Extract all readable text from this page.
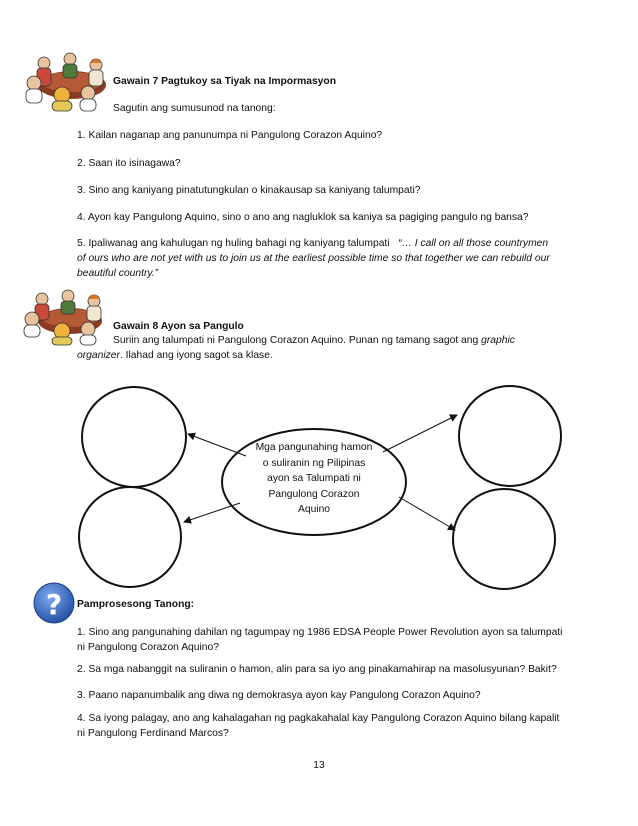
Gawain 7 Pagtukoy sa Tiyak na Impormasyon

Sagutin ang sumusunod na tanong:

1. Kailan naganap ang panunumpa ni Pangulong Corazon Aquino?

2. Saan ito isinagawa?

3. Sino ang kaniyang pinatutungkulan o kinakausap sa kaniyang talumpati?

4. Ayon kay Pangulong Aquino, sino o ano ang nagluklok sa kaniya sa pagiging pangulo ng bansa?

5. Ipaliwanag ang kahulugan ng huling bahagi ng kaniyang talumpati “… I call on all those countrymen
of ours who are not yet with us to join us at the earliest possible time so that together we can rebuild our
beautiful country.”

Gawain 8 Ayon sa Pangulo

Suriin ang talumpati ni Pangulong Corazon Aquino. Punan ng tamang sagot ang graphic
organizer. Ilahad ang iyong sagot sa klase.
Mga pangunahing hamon
o suliranin ng Pilipinas
ayon sa Talumpati ni
Pangulong Corazon
Aquino
? Pamprosesong Tanong:

1. Sino ang pangunahing dahilan ng tagumpay ng 1986 EDSA People Power Revolution ayon sa talumpati
ni Pangulong Corazon Aquino?

2. Sa mga nabanggit na suliranin o hamon, alin para sa iyo ang pinakamahirap na masolusyunan? Bakit?

3. Paano napanumbalik ang diwa ng demokrasya ayon kay Pangulong Corazon Aquino?

4. Sa iyong palagay, ano ang kahalagahan ng pagkakahalal kay Pangulong Corazon Aquino bilang kapalit
ni Pangulong Ferdinand Marcos?
13
